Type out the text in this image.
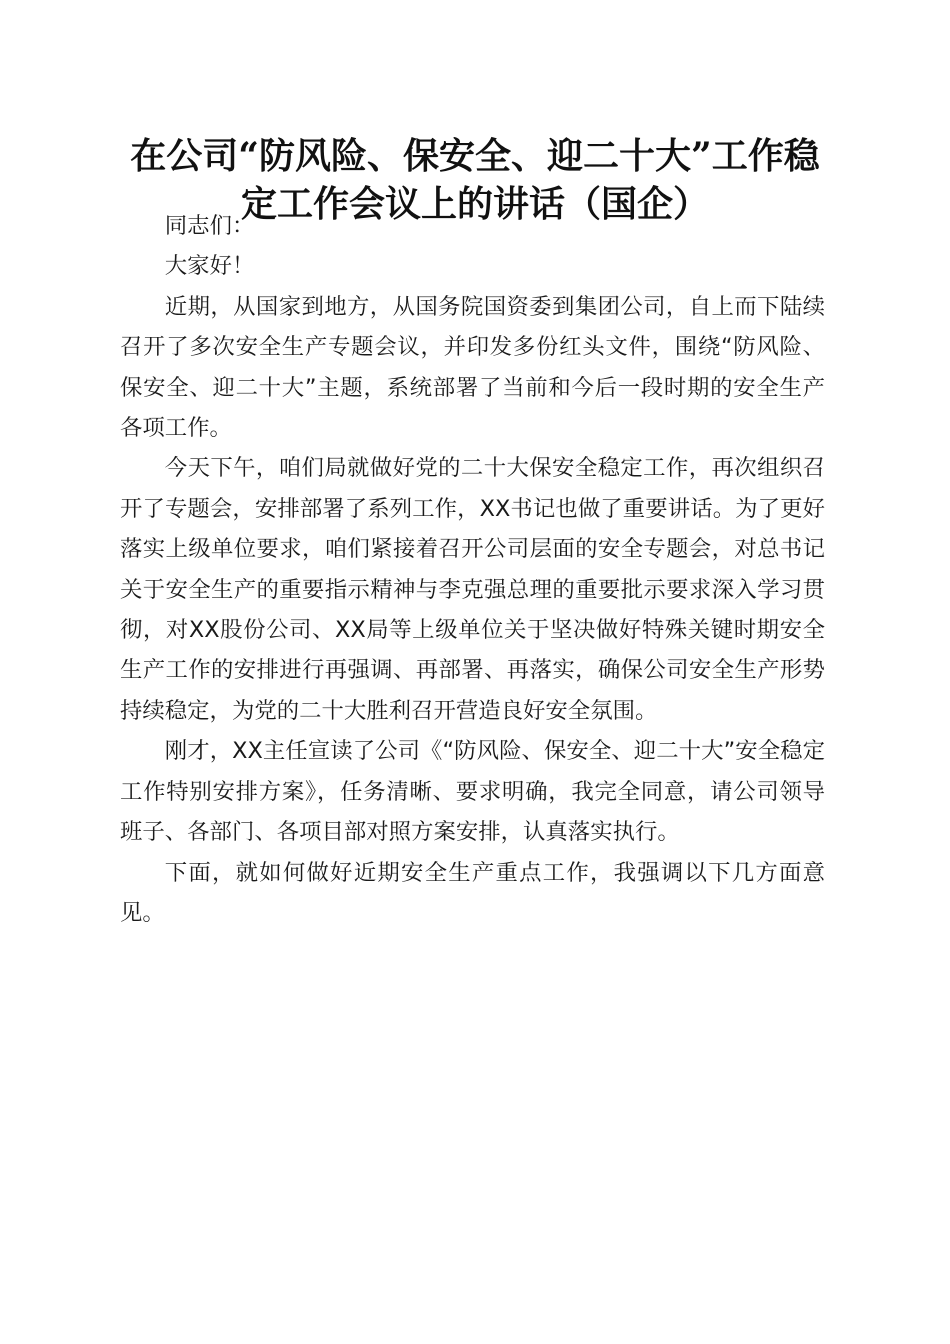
在公司“防风险、保安全、迎二十大”工作稳
定工作会议上的讲话（国企）

同志们：

大家好！

近期，从国家到地方，从国务院国资委到集团公司，自上而下陆续召开了多次安全生产专题会议，并印发多份红头文件，围绕“防风险、保安全、迎二十大”主题，系统部署了当前和今后一段时期的安全生产各项工作。

今天下午，咱们局就做好党的二十大保安全稳定工作，再次组织召开了专题会，安排部署了系列工作，XX书记也做了重要讲话。为了更好落实上级单位要求，咱们紧接着召开公司层面的安全专题会，对总书记关于安全生产的重要指示精神与李克强总理的重要批示要求深入学习贯彻，对XX股份公司、XX局等上级单位关于坚决做好特殊关键时期安全生产工作的安排进行再强调、再部署、再落实，确保公司安全生产形势持续稳定，为党的二十大胜利召开营造良好安全氛围。

刚才，XX主任宣读了公司《“防风险、保安全、迎二十大”安全稳定工作特别安排方案》，任务清晰、要求明确，我完全同意，请公司领导班子、各部门、各项目部对照方案安排，认真落实执行。

下面，就如何做好近期安全生产重点工作，我强调以下几方面意见。
